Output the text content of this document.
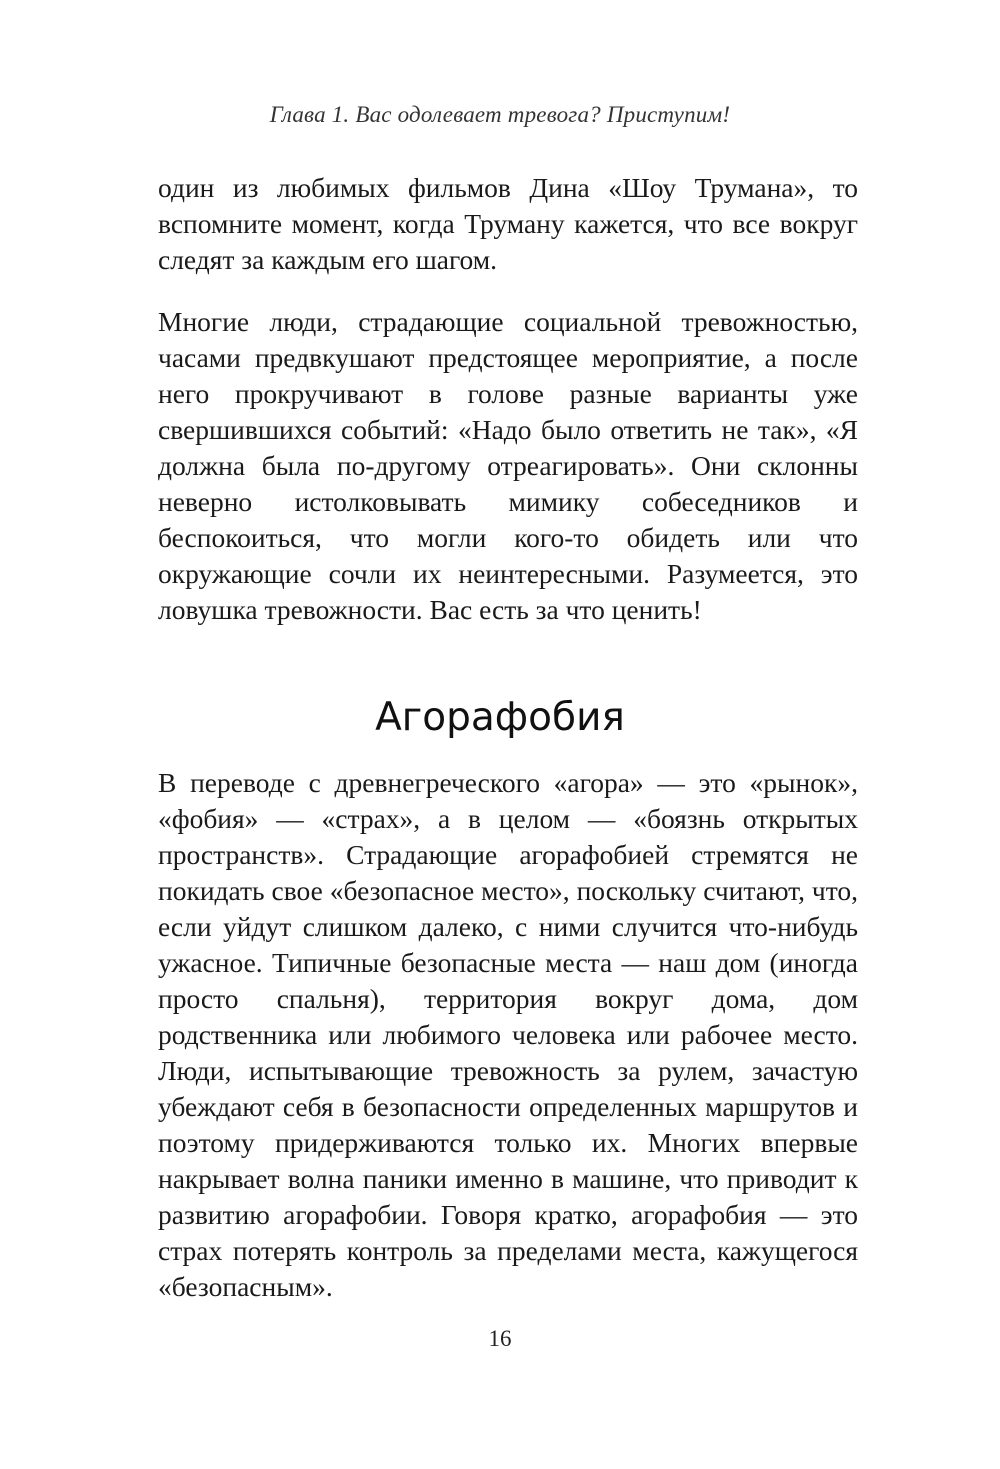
Глава 1. Вас одолевает тревога? Приступим!

один из любимых фильмов Дина «Шоу Трумана», то вспомните момент, когда Труману кажется, что все вокруг следят за каждым его шагом.

Многие люди, страдающие социальной тревожностью, часами предвкушают предстоящее мероприятие, а после него прокручивают в голове разные варианты уже свершившихся событий: «Надо было ответить не так», «Я должна была по-другому отреагировать». Они склонны неверно истолковывать мимику собеседников и беспокоиться, что могли кого-то обидеть или что окружающие сочли их неинтересными. Разумеется, это ловушка тревожности. Вас есть за что ценить!

Агорафобия

В переводе с древнегреческого «агора» — это «рынок», «фобия» — «страх», а в целом — «боязнь открытых пространств». Страдающие агорафобией стремятся не покидать свое «безопасное место», поскольку считают, что, если уйдут слишком далеко, с ними случится что-нибудь ужасное. Типичные безопасные места — наш дом (иногда просто спальня), территория вокруг дома, дом родственника или любимого человека или рабочее место. Люди, испытывающие тревожность за рулем, зачастую убеждают себя в безопасности определенных маршрутов и поэтому придерживаются только их. Многих впервые накрывает волна паники именно в машине, что приводит к развитию агорафобии. Говоря кратко, агорафобия — это страх потерять контроль за пределами места, кажущегося «безопасным».

16
